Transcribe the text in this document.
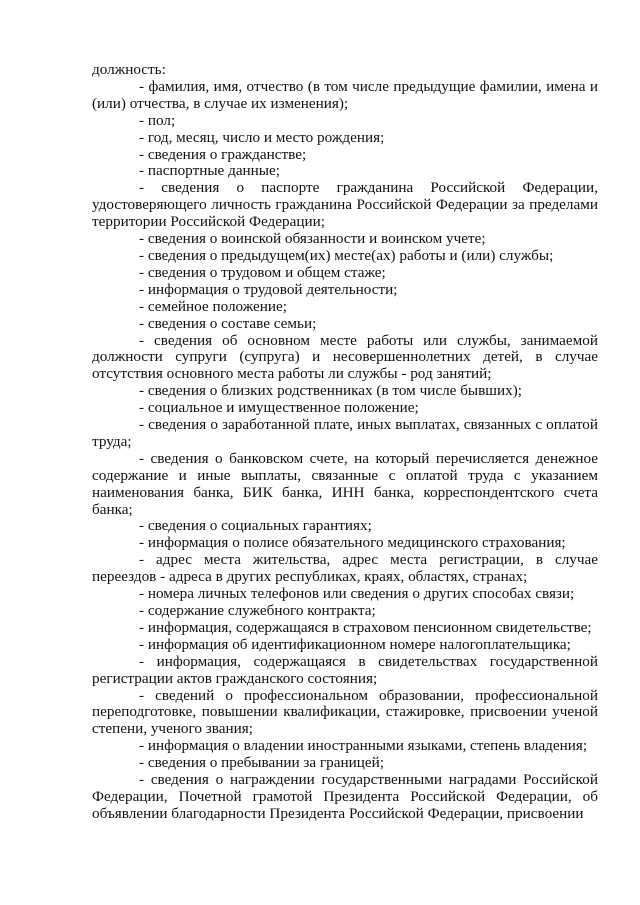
должность:

- фамилия, имя, отчество (в том числе предыдущие фамилии, имена и (или) отчества, в случае их изменения);

- пол;

- год, месяц, число и место рождения;

- сведения о гражданстве;

- паспортные данные;

- сведения о паспорте гражданина Российской Федерации, удостоверяющего личность гражданина Российской Федерации за пределами территории Российской Федерации;

- сведения о воинской обязанности и воинском учете;

- сведения о предыдущем(их) месте(ах) работы и (или) службы;

- сведения о трудовом и общем стаже;

- информация о трудовой деятельности;

- семейное положение;

- сведения о составе семьи;

- сведения об основном месте работы или службы, занимаемой должности супруги (супруга) и несовершеннолетних детей, в случае отсутствия основного места работы ли службы - род занятий;

- сведения о близких родственниках (в том числе бывших);

- социальное и имущественное положение;

- сведения о заработанной плате, иных выплатах, связанных с оплатой труда;

- сведения о банковском счете, на который перечисляется денежное содержание и иные выплаты, связанные с оплатой труда с указанием наименования банка, БИК банка, ИНН банка, корреспондентского счета банка;

- сведения о социальных гарантиях;

- информация о полисе обязательного медицинского страхования;

- адрес места жительства, адрес места регистрации, в случае переездов - адреса в других республиках, краях, областях, странах;

- номера личных телефонов или сведения о других способах связи;

- содержание служебного контракта;

- информация, содержащаяся в страховом пенсионном свидетельстве;

- информация об идентификационном номере налогоплательщика;

- информация, содержащаяся в свидетельствах государственной регистрации актов гражданского состояния;

- сведений о профессиональном образовании, профессиональной переподготовке, повышении квалификации, стажировке, присвоении ученой степени, ученого звания;

- информация о владении иностранными языками, степень владения;

- сведения о пребывании за границей;

- сведения о награждении государственными наградами Российской Федерации, Почетной грамотой Президента Российской Федерации, об объявлении благодарности Президента Российской Федерации, присвоении
